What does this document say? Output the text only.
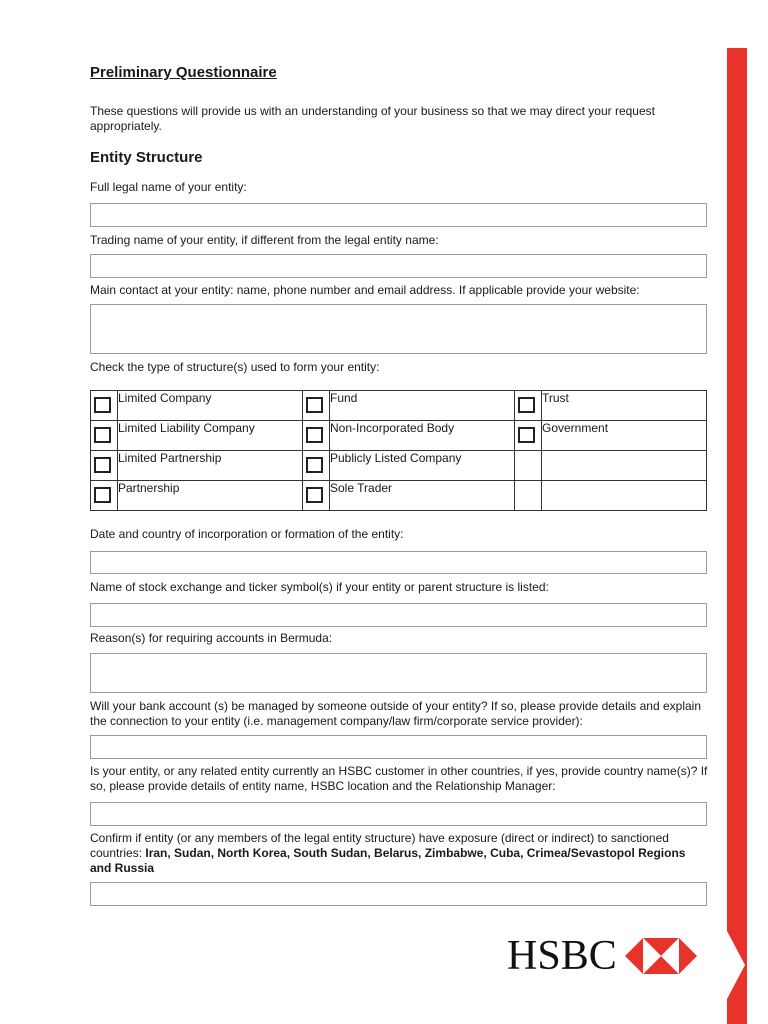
Preliminary Questionnaire

These questions will provide us with an understanding of your business so that we may direct your request appropriately.

Entity Structure

Full legal name of your entity:

Trading name of your entity, if different from the legal entity name:

Main contact at your entity: name, phone number and email address. If applicable provide your website:

Check the type of structure(s) used to form your entity:

	Limited Company		Fund		Trust

	Limited Liability Company		Non-Incorporated Body		Government

	Limited Partnership		Publicly Listed Company		

	Partnership		Sole Trader		

Date and country of incorporation or formation of the entity:

Name of stock exchange and ticker symbol(s) if your entity or parent structure is listed:

Reason(s) for requiring accounts in Bermuda:

Will your bank account (s) be managed by someone outside of your entity? If so, please provide details and explain the connection to your entity (i.e. management company/law firm/corporate service provider):

Is your entity, or any related entity currently an HSBC customer in other countries, if yes, provide country name(s)? If so, please provide details of entity name, HSBC location and the Relationship Manager:

Confirm if entity (or any members of the legal entity structure) have exposure (direct or indirect) to sanctioned countries: Iran, Sudan, North Korea, South Sudan, Belarus, Zimbabwe, Cuba, Crimea/Sevastopol Regions and Russia

HSBC
